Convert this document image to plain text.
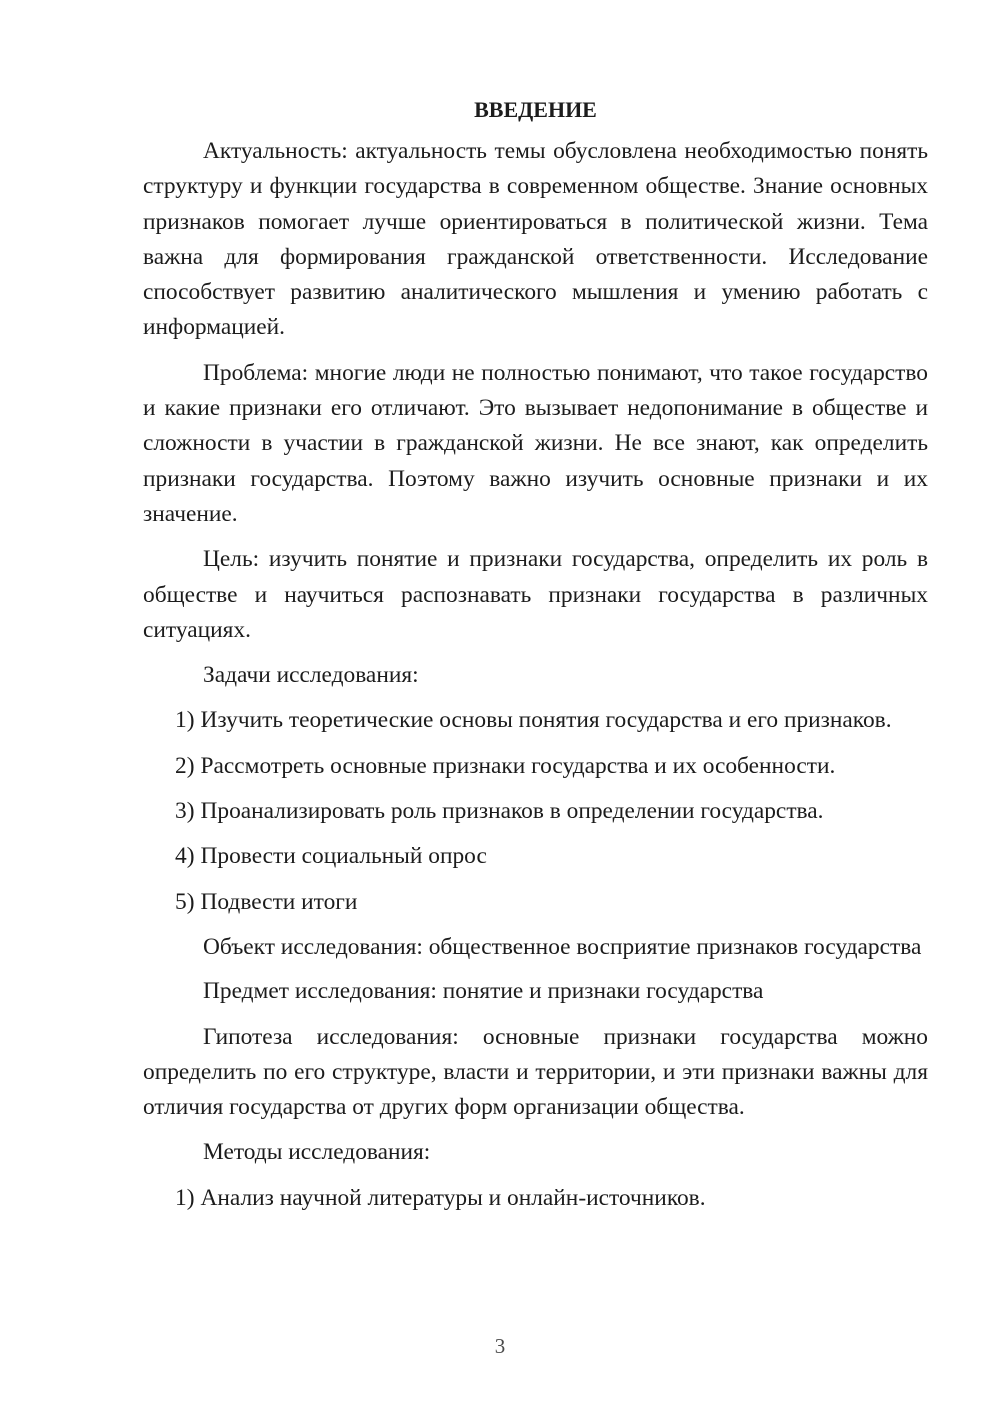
ВВЕДЕНИЕ

Актуальность: актуальность темы обусловлена необходимостью понять структуру и функции государства в современном обществе. Знание основных признаков помогает лучше ориентироваться в политической жизни. Тема важна для формирования гражданской ответственности. Исследование способствует развитию аналитического мышления и умению работать с информацией.

Проблема: многие люди не полностью понимают, что такое государство и какие признаки его отличают. Это вызывает недопонимание в обществе и сложности в участии в гражданской жизни. Не все знают, как определить признаки государства. Поэтому важно изучить основные признаки и их значение.

Цель: изучить понятие и признаки государства, определить их роль в обществе и научиться распознавать признаки государства в различных ситуациях.

Задачи исследования:

1) Изучить теоретические основы понятия государства и его признаков.

2) Рассмотреть основные признаки государства и их особенности.

3) Проанализировать роль признаков в определении государства.

4) Провести социальный опрос

5) Подвести итоги

Объект исследования: общественное восприятие признаков государства

Предмет исследования: понятие и признаки государства

Гипотеза исследования: основные признаки государства можно определить по его структуре, власти и территории, и эти признаки важны для отличия государства от других форм организации общества.

Методы исследования:

1) Анализ научной литературы и онлайн-источников.

3
